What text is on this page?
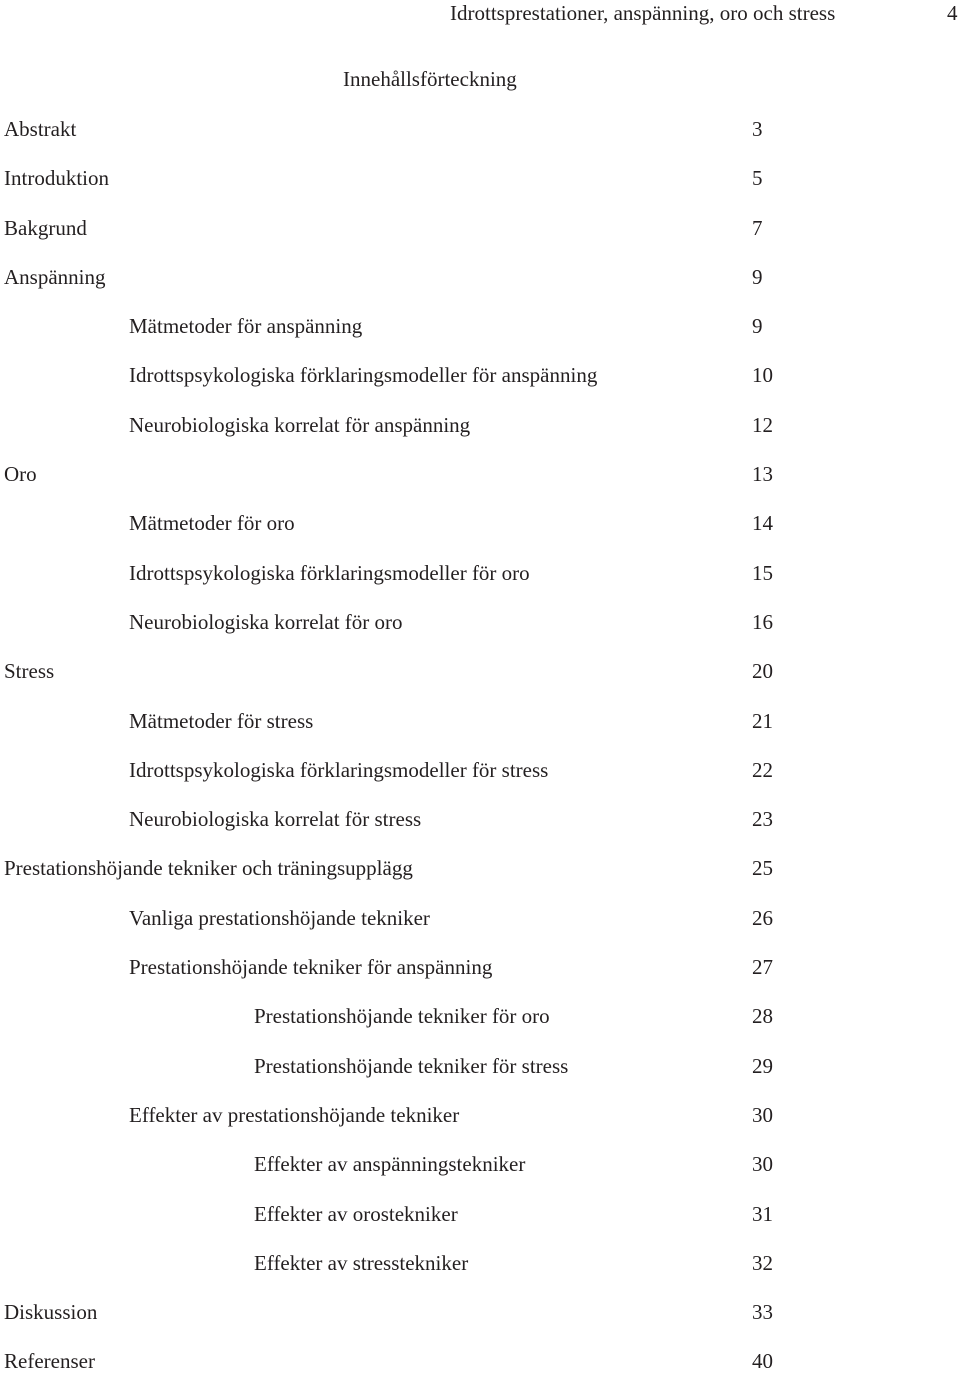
Idrottsprestationer, anspänning, oro och stress	4
Innehållsförteckning
Abstrakt	3
Introduktion	5
Bakgrund	7
Anspänning	9
Mätmetoder för anspänning	9
Idrottspsykologiska förklaringsmodeller för anspänning	10
Neurobiologiska korrelat för anspänning	12
Oro	13
Mätmetoder för oro	14
Idrottspsykologiska förklaringsmodeller för oro	15
Neurobiologiska korrelat för oro	16
Stress	20
Mätmetoder för stress	21
Idrottspsykologiska förklaringsmodeller för stress	22
Neurobiologiska korrelat för stress	23
Prestationshöjande tekniker och träningsupplägg	25
Vanliga prestationshöjande tekniker	26
Prestationshöjande tekniker för anspänning	27
Prestationshöjande tekniker för oro	28
Prestationshöjande tekniker för stress	29
Effekter av prestationshöjande tekniker	30
Effekter av anspänningstekniker	30
Effekter av orostekniker	31
Effekter av stresstekniker	32
Diskussion	33
Referenser	40
